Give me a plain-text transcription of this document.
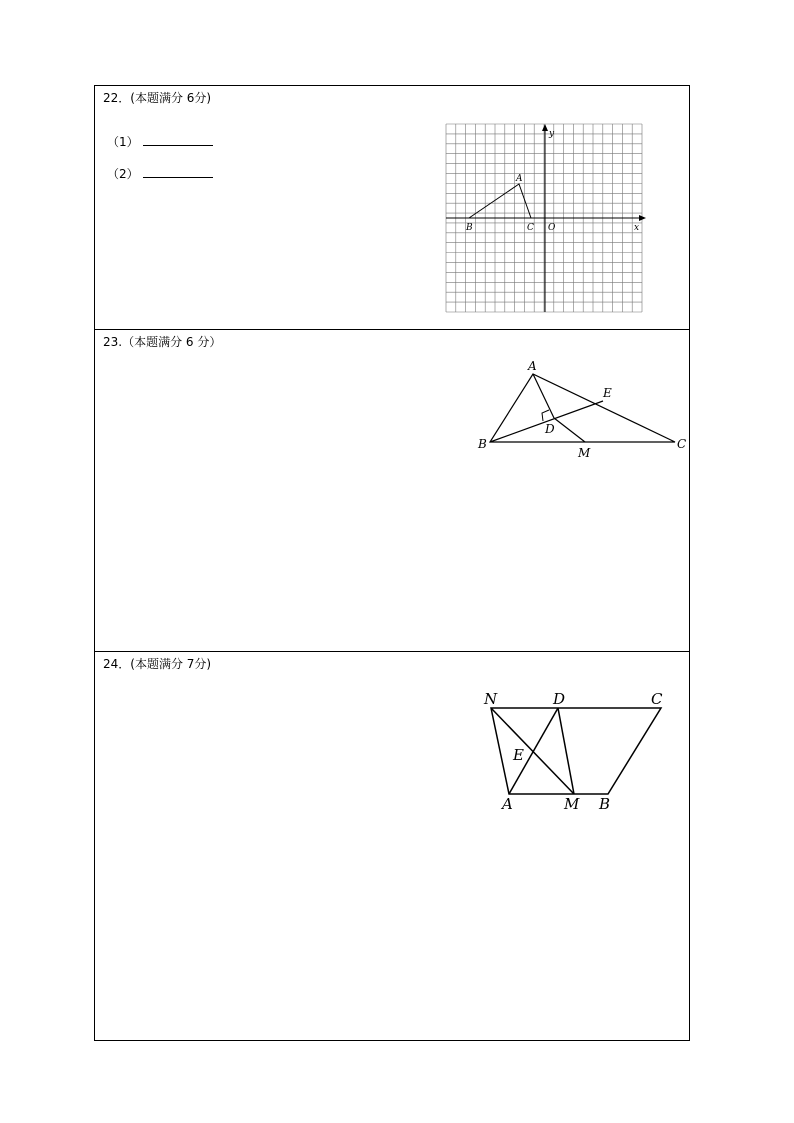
22．(本题满分 6分)
（1）
（2）	A
B	C O	x
y
23.（本题满分 6 分）
A
B	C
D
E
M
24．(本题满分 7分)
N	D	C
E
A	M B
